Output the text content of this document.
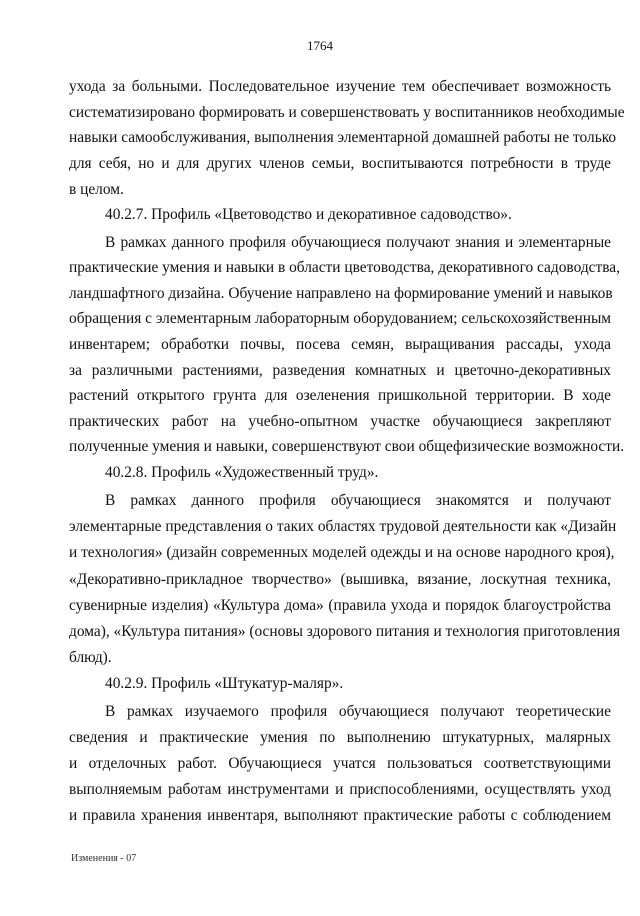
1764
ухода за больными. Последовательное изучение тем обеспечивает возможность
систематизировано формировать и совершенствовать у воспитанников необходимые
навыки самообслуживания, выполнения элементарной домашней работы не только
для себя, но и для других членов семьи, воспитываются потребности в труде
в целом.
40.2.7. Профиль «Цветоводство и декоративное садоводство».
В рамках данного профиля обучающиеся получают знания и элементарные
практические умения и навыки в области цветоводства, декоративного садоводства,
ландшафтного дизайна. Обучение направлено на формирование умений и навыков
обращения с элементарным лабораторным оборудованием; сельскохозяйственным
инвентарем; обработки почвы, посева семян, выращивания рассады, ухода
за различными растениями, разведения комнатных и цветочно-декоративных
растений открытого грунта для озеленения пришкольной территории. В ходе
практических работ на учебно-опытном участке обучающиеся закрепляют
полученные умения и навыки, совершенствуют свои общефизические возможности.
40.2.8. Профиль «Художественный труд».
В рамках данного профиля обучающиеся знакомятся и получают
элементарные представления о таких областях трудовой деятельности как «Дизайн
и технология» (дизайн современных моделей одежды и на основе народного кроя),
«Декоративно-прикладное творчество» (вышивка, вязание, лоскутная техника,
сувенирные изделия) «Культура дома» (правила ухода и порядок благоустройства
дома), «Культура питания» (основы здорового питания и технология приготовления
блюд).
40.2.9. Профиль «Штукатур-маляр».
В рамках изучаемого профиля обучающиеся получают теоретические
сведения и практические умения по выполнению штукатурных, малярных
и отделочных работ. Обучающиеся учатся пользоваться соответствующими
выполняемым работам инструментами и приспособлениями, осуществлять уход
и правила хранения инвентаря, выполняют практические работы с соблюдением
Изменения - 07
